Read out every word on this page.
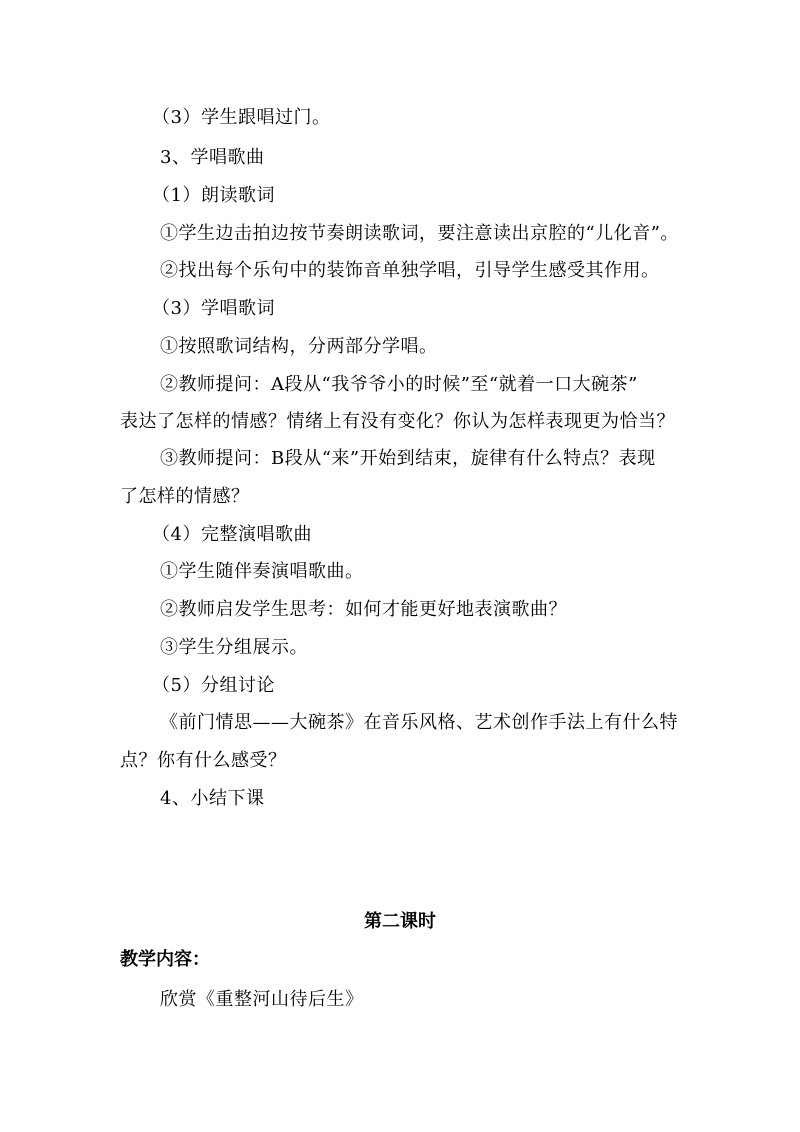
（3）学生跟唱过门。
3、学唱歌曲
（1）朗读歌词
①学生边击拍边按节奏朗读歌词，要注意读出京腔的“儿化音”。
②找出每个乐句中的装饰音单独学唱，引导学生感受其作用。
（3）学唱歌词
①按照歌词结构，分两部分学唱。
②教师提问：A段从“我爷爷小的时候”至“就着一口大碗茶”
表达了怎样的情感？情绪上有没有变化？你认为怎样表现更为恰当？
③教师提问：B段从“来”开始到结束，旋律有什么特点？表现
了怎样的情感？
（4）完整演唱歌曲
①学生随伴奏演唱歌曲。
②教师启发学生思考：如何才能更好地表演歌曲？
③学生分组展示。
（5）分组讨论
《前门情思——大碗茶》在音乐风格、艺术创作手法上有什么特
点？你有什么感受？
4、小结下课
第二课时
教学内容：
欣赏《重整河山待后生》
